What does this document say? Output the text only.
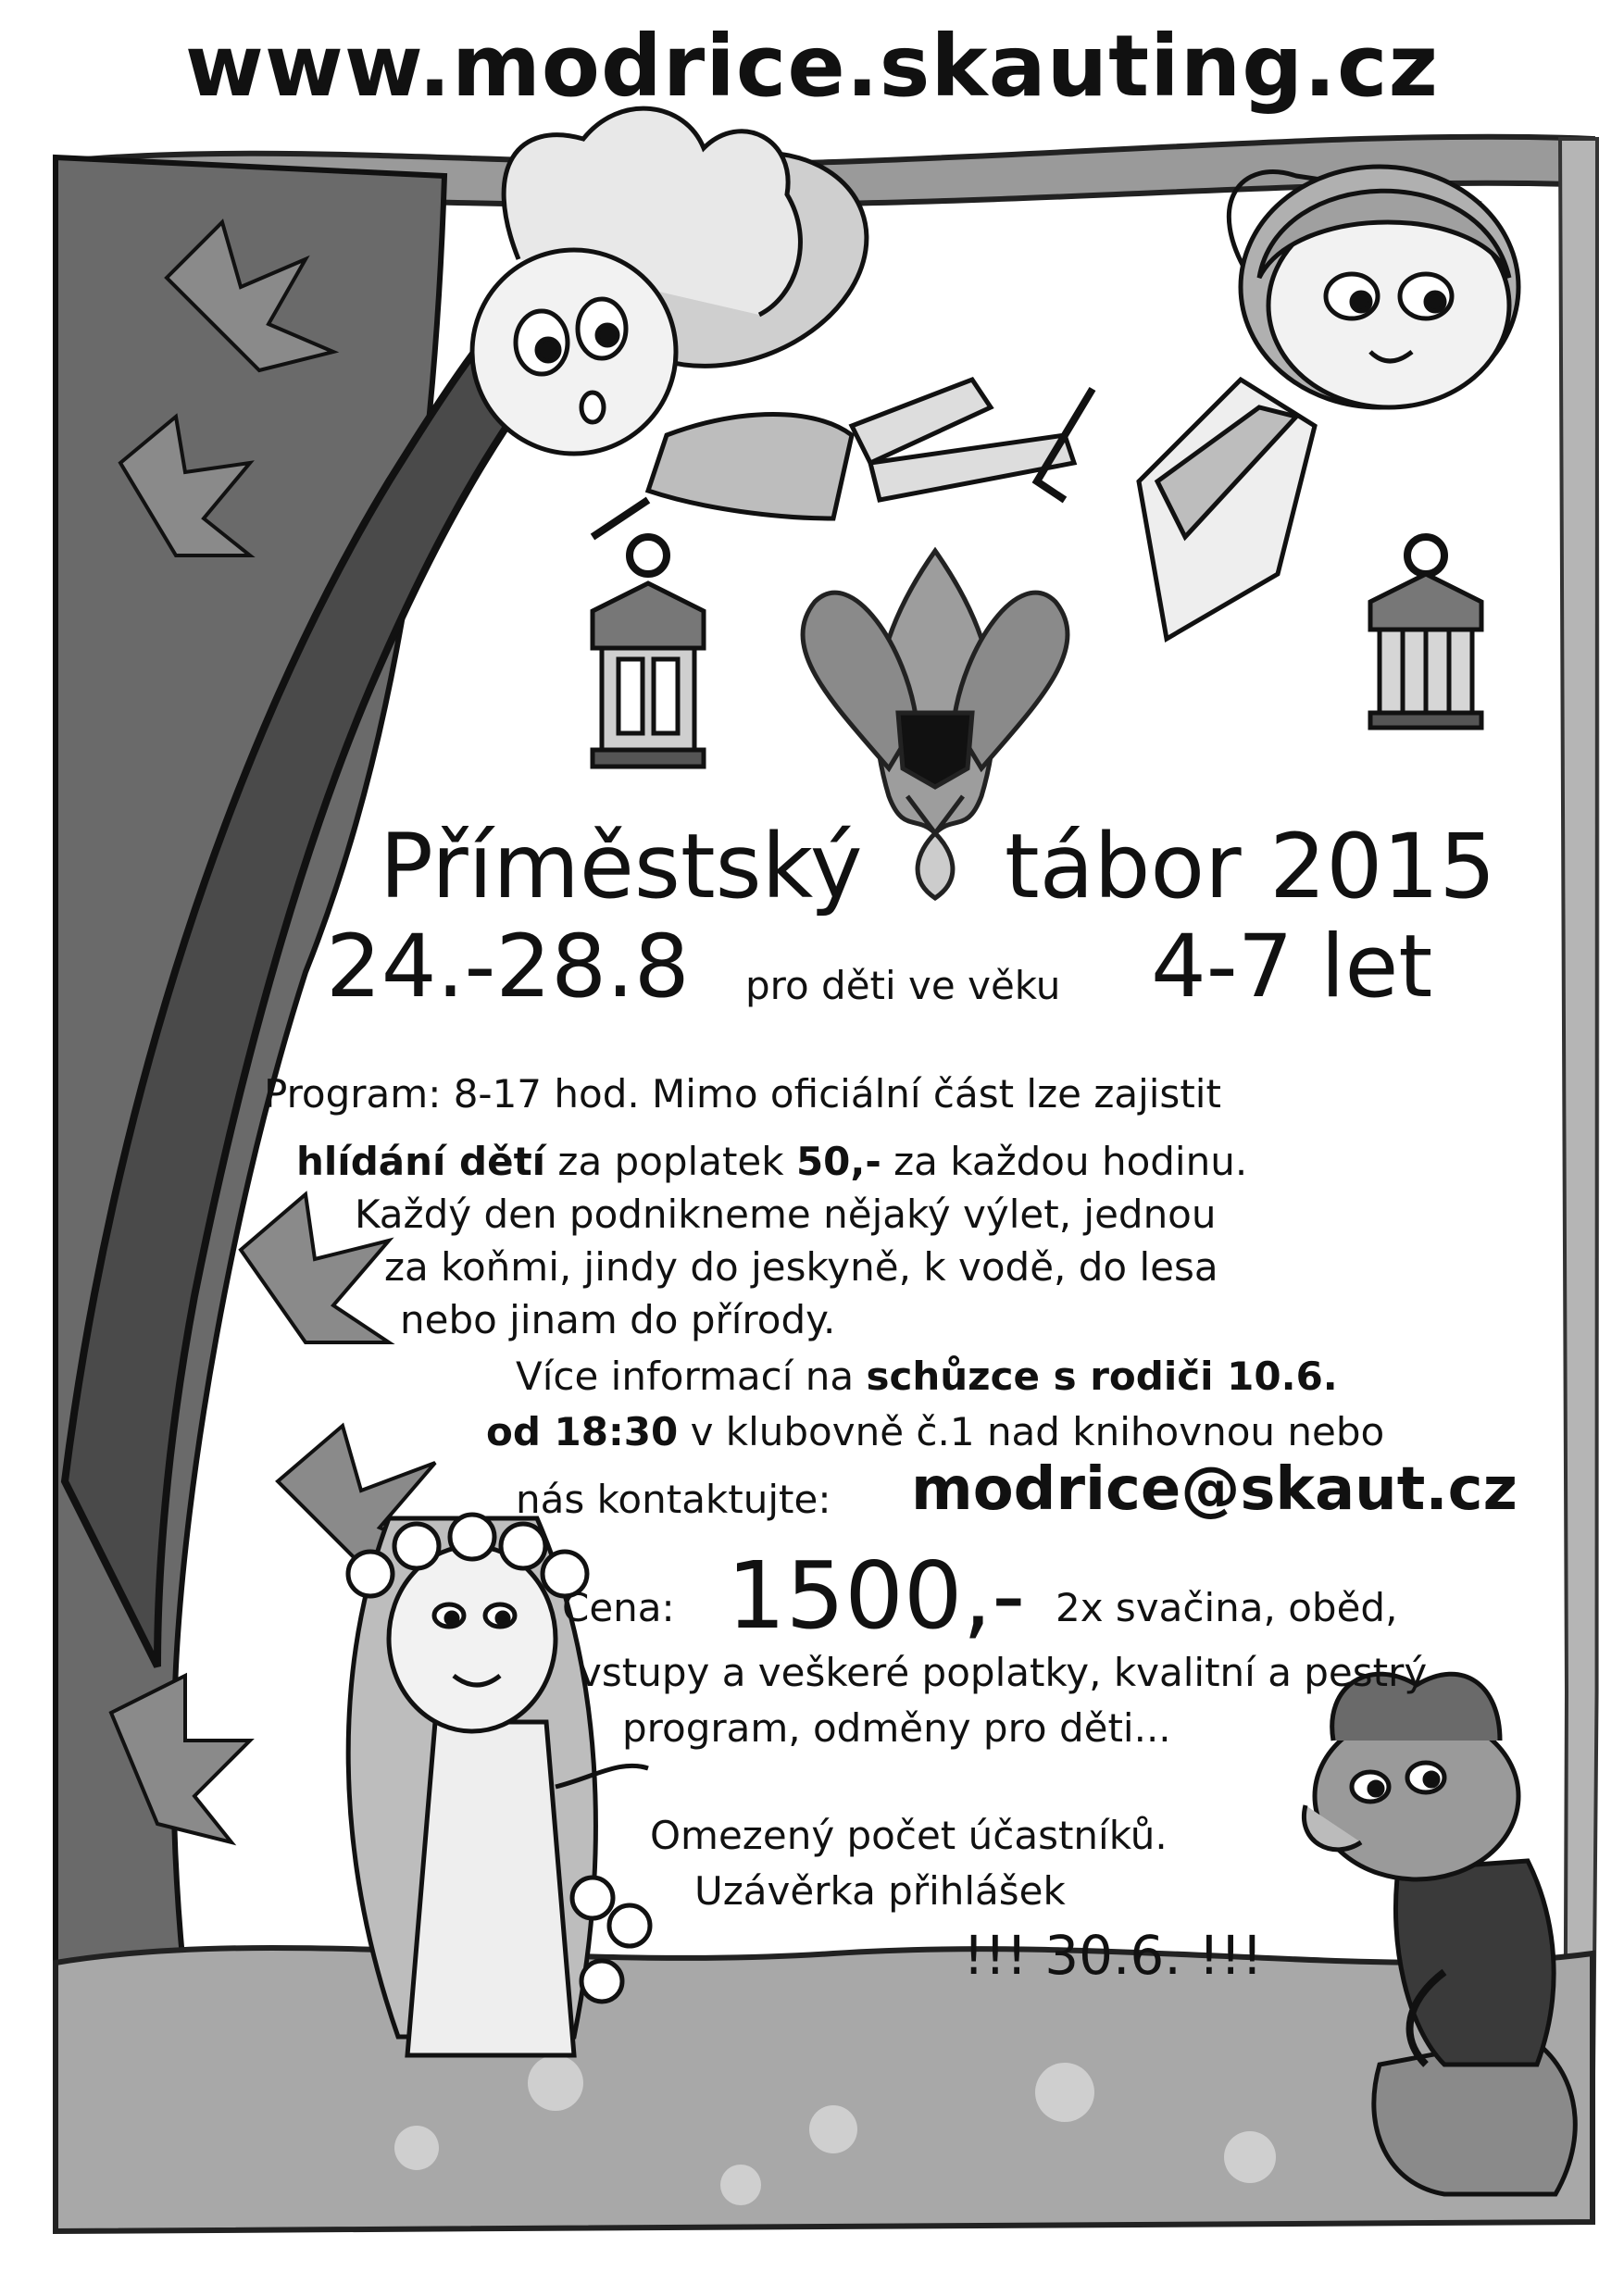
www.modrice.skauting.cz
Příměstský tábor 2015
24.-28.8 pro děti ve věku 4-7 let
Program: 8-17 hod. Mimo oficiální část lze zajistit
hlídání dětí za poplatek 50,- za každou hodinu.
Každý den podnikneme nějaký výlet, jednou
za koňmi, jindy do jeskyně, k vodě, do lesa
nebo jinam do přírody.
Více informací na schůzce s rodiči 10.6.
od 18:30 v klubovně č.1 nad knihovnou nebo
nás kontaktujte: modrice@skaut.cz
Cena: 1500,- 2x svačina, oběd,
vstupy a veškeré poplatky, kvalitní a pestrý
program, odměny pro děti...
Omezený počet účastníků.
Uzávěrka přihlášek
!!! 30.6. !!!
